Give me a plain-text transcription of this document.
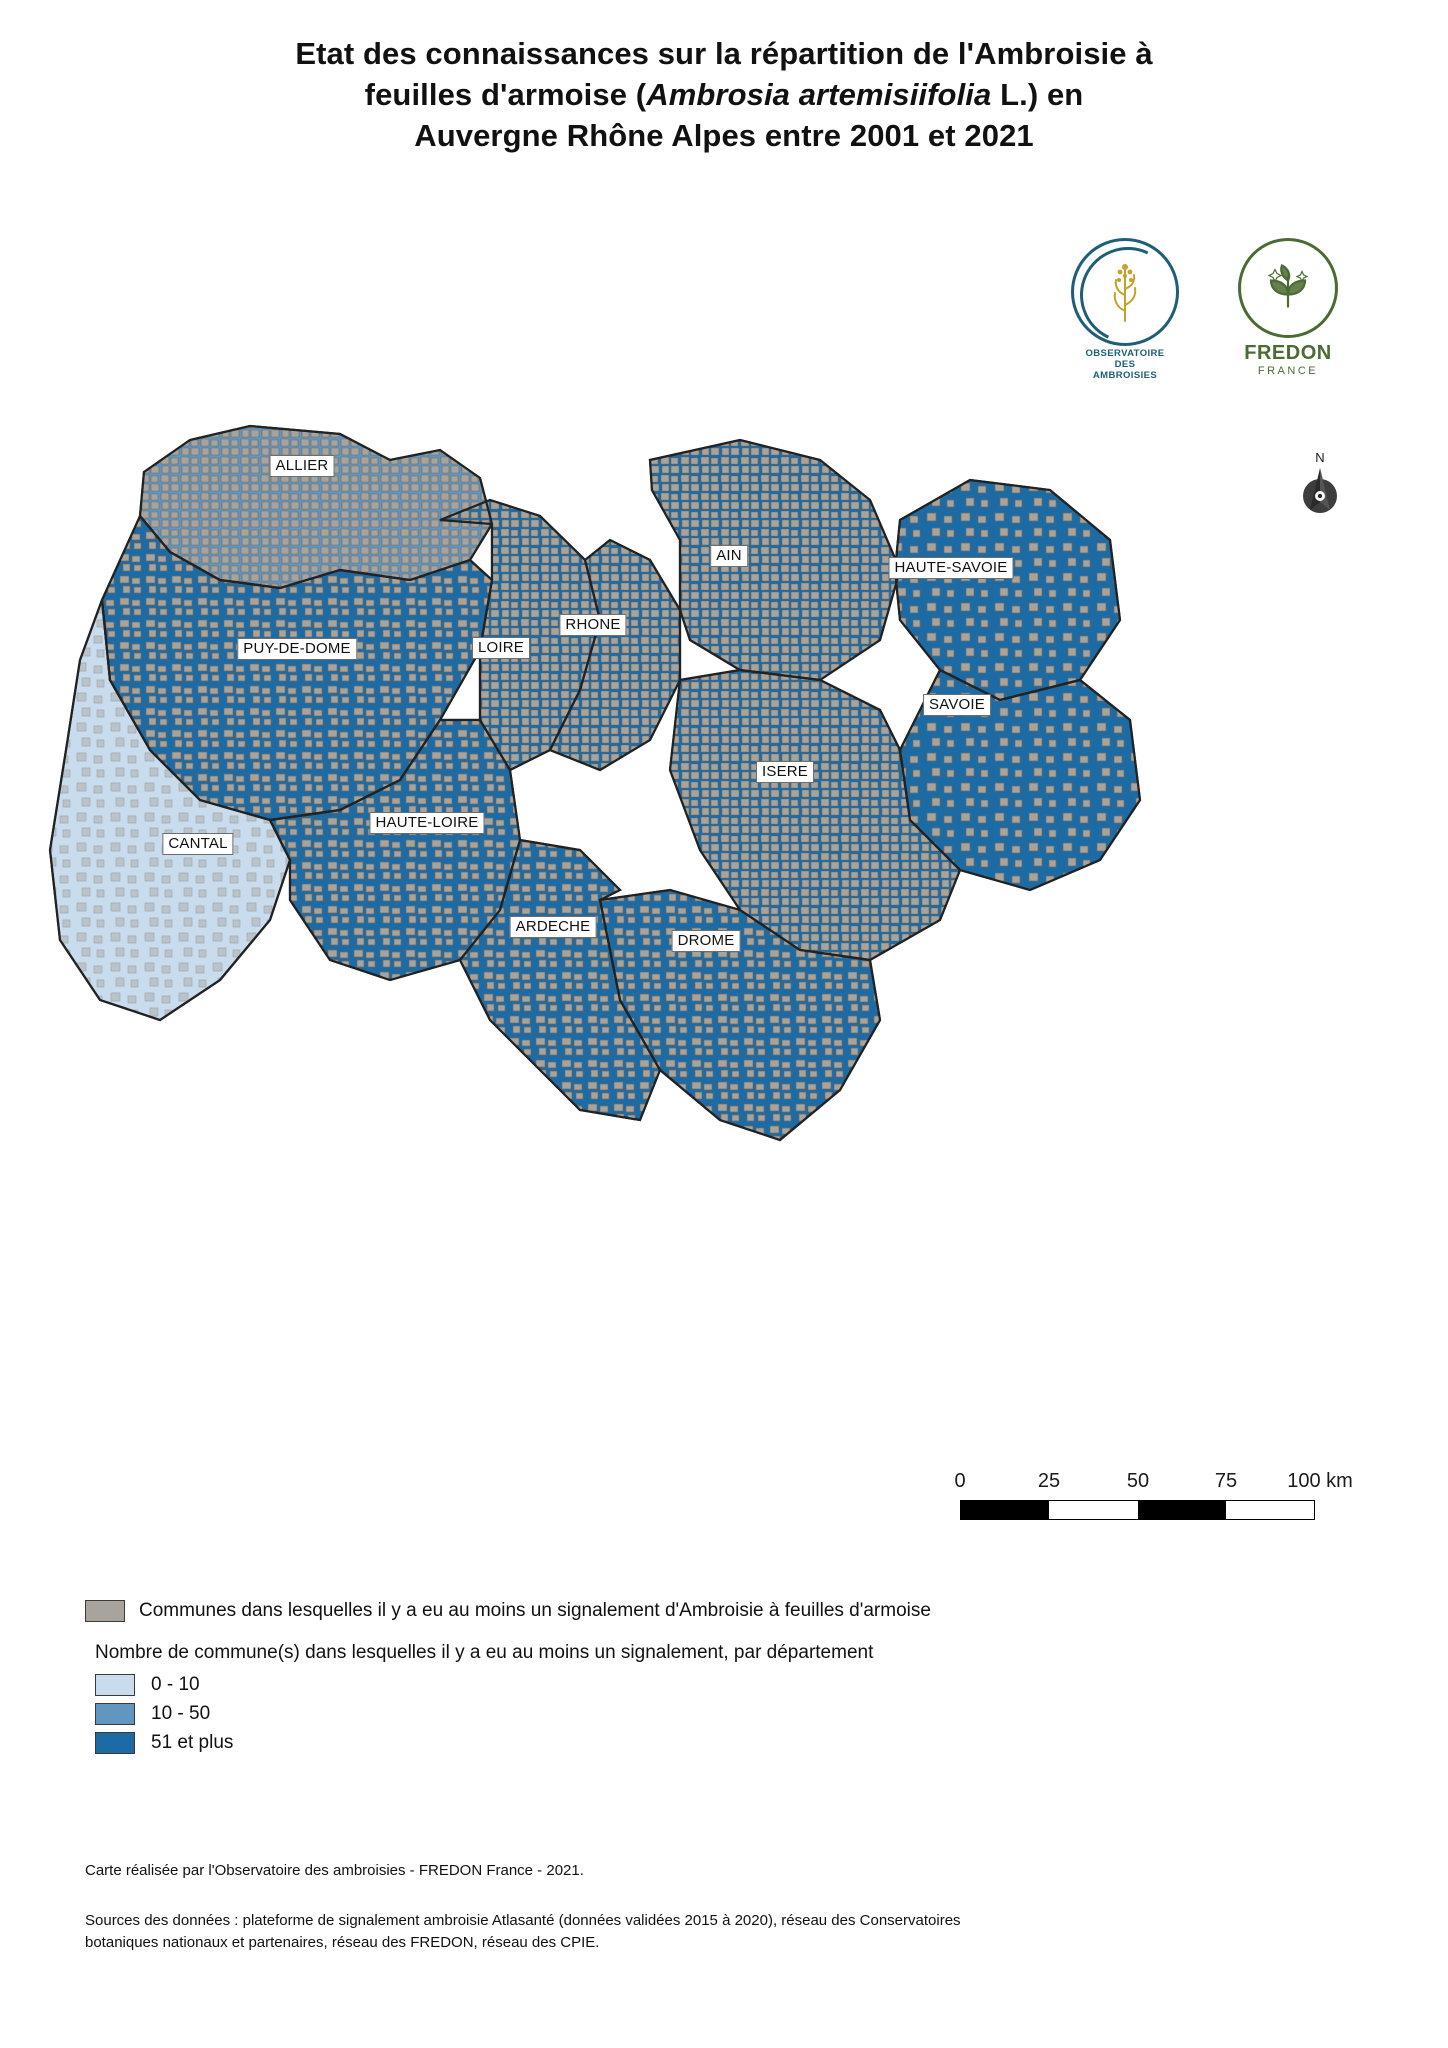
Etat des connaissances sur la répartition de l'Ambroisie à
feuilles d'armoise (Ambrosia artemisiifolia L.) en
Auvergne Rhône Alpes entre 2001 et 2021
OBSERVATOIRE
DES
AMBROISIES
FREDON
FRANCE
ALLIER
AIN
HAUTE-SAVOIE
RHONE
PUY-DE-DOME	LOIRE
SAVOIE
ISERE
HAUTE-LOIRE
CANTAL
ARDECHE
DROME
N
0	25	50	75	100 km
Communes dans lesquelles il y a eu au moins un signalement d'Ambroisie à feuilles d'armoise
Nombre de commune(s) dans lesquelles il y a eu au moins un signalement, par département
0 - 10
10 - 50
51 et plus
Carte réalisée par l'Observatoire des ambroisies - FREDON France - 2021.
Sources des données : plateforme de signalement ambroisie Atlasanté (données validées 2015 à 2020), réseau des Conservatoires
botaniques nationaux et partenaires, réseau des FREDON, réseau des CPIE.
